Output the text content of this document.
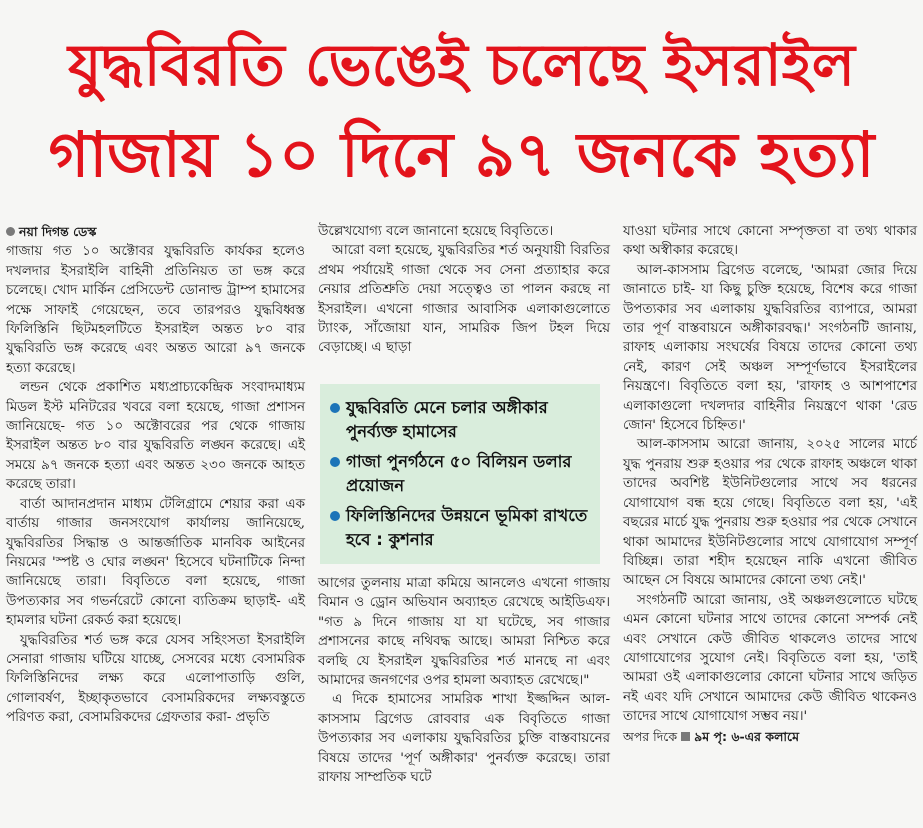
যুদ্ধবিরতি ভেঙেই চলেছে ইসরাইল
গাজায় ১০ দিনে ৯৭ জনকে হত্যা
নয়া দিগন্ত ডেস্ক

গাজায় গত ১০ অক্টোবর যুদ্ধবিরতি কার্যকর হলেও দখলদার ইসরাইলি বাহিনী প্রতিনিয়ত তা ভঙ্গ করে চলেছে। খোদ মার্কিন প্রেসিডেন্ট ডোনাল্ড ট্রাম্প হামাসের পক্ষে সাফাই গেয়েছেন, তবে তারপরও যুদ্ধবিধ্বস্ত ফিলিস্তিনি ছিটমহলটিতে ইসরাইল অন্তত ৮০ বার যুদ্ধবিরতি ভঙ্গ করেছে এবং অন্তত আরো ৯৭ জনকে হত্যা করেছে।

লন্ডন থেকে প্রকাশিত মধ্যপ্রাচ্যকেন্দ্রিক সংবাদমাধ্যম মিডল ইস্ট মনিটরের খবরে বলা হয়েছে, গাজা প্রশাসন জানিয়েছে- গত ১০ অক্টোবরের পর থেকে গাজায় ইসরাইল অন্তত ৮০ বার যুদ্ধবিরতি লঙ্ঘন করেছে। এই সময়ে ৯৭ জনকে হত্যা এবং অন্তত ২৩০ জনকে আহত করেছে তারা।

বার্তা আদানপ্রদান মাধ্যম টেলিগ্রামে শেয়ার করা এক বার্তায় গাজার জনসংযোগ কার্যালয় জানিয়েছে, যুদ্ধবিরতির সিদ্ধান্ত ও আন্তর্জাতিক মানবিক আইনের নিয়মের 'স্পষ্ট ও ঘোর লঙ্ঘন' হিসেবে ঘটনাটিকে নিন্দা জানিয়েছে তারা। বিবৃতিতে বলা হয়েছে, গাজা উপত্যকার সব গভর্নরেটে কোনো ব্যতিক্রম ছাড়াই- এই হামলার ঘটনা রেকর্ড করা হয়েছে।

যুদ্ধবিরতির শর্ত ভঙ্গ করে যেসব সহিংসতা ইসরাইলি সেনারা গাজায় ঘটিয়ে যাচ্ছে, সেসবের মধ্যে বেসামরিক ফিলিস্তিনিদের লক্ষ্য করে এলোপাতাড়ি গুলি, গোলাবর্ষণ, ইচ্ছাকৃতভাবে বেসামরিকদের লক্ষ্যবস্তুতে পরিণত করা, বেসামরিকদের গ্রেফতার করা- প্রভৃতি

উল্লেখযোগ্য বলে জানানো হয়েছে বিবৃতিতে।

আরো বলা হয়েছে, যুদ্ধবিরতির শর্ত অনুযায়ী বিরতির প্রথম পর্যায়েই গাজা থেকে সব সেনা প্রত্যাহার করে নেয়ার প্রতিশ্রুতি দেয়া সত্ত্বেও তা পালন করছে না ইসরাইল। এখনো গাজার আবাসিক এলাকাগুলোতে ট্যাংক, সাঁজোয়া যান, সামরিক জিপ টহল দিয়ে বেড়াচ্ছে। এ ছাড়া

যুদ্ধবিরতি মেনে চলার অঙ্গীকার পুনর্ব্যক্ত হামাসের
গাজা পুনর্গঠনে ৫০ বিলিয়ন ডলার প্রয়োজন
ফিলিস্তিনিদের উন্নয়নে ভূমিকা রাখতে হবে : কুশনার

আগের তুলনায় মাত্রা কমিয়ে আনলেও এখনো গাজায় বিমান ও ড্রোন অভিযান অব্যাহত রেখেছে আইডিএফ। "গত ৯ দিনে গাজায় যা যা ঘটেছে, সব গাজার প্রশাসনের কাছে নথিবদ্ধ আছে। আমরা নিশ্চিত করে বলছি যে ইসরাইল যুদ্ধবিরতির শর্ত মানছে না এবং আমাদের জনগণের ওপর হামলা অব্যাহত রেখেছে।"

এ দিকে হামাসের সামরিক শাখা ইজ্জদ্দিন আল-কাসসাম ব্রিগেড রোববার এক বিবৃতিতে গাজা উপত্যকার সব এলাকায় যুদ্ধবিরতির চুক্তি বাস্তবায়নের বিষয়ে তাদের 'পূর্ণ অঙ্গীকার' পুনর্ব্যক্ত করেছে। তারা রাফায় সাম্প্রতিক ঘটে

যাওয়া ঘটনার সাথে কোনো সম্পৃক্ততা বা তথ্য থাকার কথা অস্বীকার করেছে।

আল-কাসসাম ব্রিগেড বলেছে, 'আমরা জোর দিয়ে জানাতে চাই- যা কিছু চুক্তি হয়েছে, বিশেষ করে গাজা উপত্যকার সব এলাকায় যুদ্ধবিরতির ব্যাপারে, আমরা তার পূর্ণ বাস্তবায়নে অঙ্গীকারবদ্ধ।' সংগঠনটি জানায়, রাফাহ এলাকায় সংঘর্ষের বিষয়ে তাদের কোনো তথ্য নেই, কারণ সেই অঞ্চল সম্পূর্ণভাবে ইসরাইলের নিয়ন্ত্রণে। বিবৃতিতে বলা হয়, 'রাফাহ ও আশপাশের এলাকাগুলো দখলদার বাহিনীর নিয়ন্ত্রণে থাকা 'রেড জোন' হিসেবে চিহ্নিত।'

আল-কাসসাম আরো জানায়, ২০২৫ সালের মার্চে যুদ্ধ পুনরায় শুরু হওয়ার পর থেকে রাফাহ অঞ্চলে থাকা তাদের অবশিষ্ট ইউনিটগুলোর সাথে সব ধরনের যোগাযোগ বন্ধ হয়ে গেছে। বিবৃতিতে বলা হয়, 'এই বছরের মার্চে যুদ্ধ পুনরায় শুরু হওয়ার পর থেকে সেখানে থাকা আমাদের ইউনিটগুলোর সাথে যোগাযোগ সম্পূর্ণ বিচ্ছিন্ন। তারা শহীদ হয়েছেন নাকি এখনো জীবিত আছেন সে বিষয়ে আমাদের কোনো তথ্য নেই।'

সংগঠনটি আরো জানায়, ওই অঞ্চলগুলোতে ঘটছে এমন কোনো ঘটনার সাথে তাদের কোনো সম্পর্ক নেই এবং সেখানে কেউ জীবিত থাকলেও তাদের সাথে যোগাযোগের সুযোগ নেই। বিবৃতিতে বলা হয়, 'তাই আমরা ওই এলাকাগুলোর কোনো ঘটনার সাথে জড়িত নই এবং যদি সেখানে আমাদের কেউ জীবিত থাকেনও তাদের সাথে যোগাযোগ সম্ভব নয়।'

অপর দিকে ৯ম পৃ: ৬-এর কলামে
